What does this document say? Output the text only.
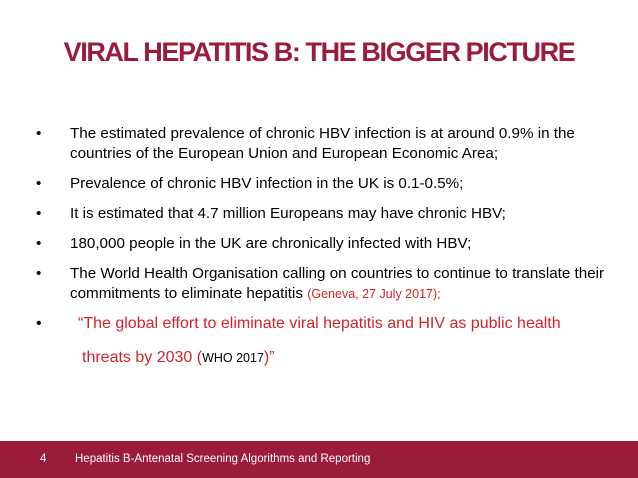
VIRAL HEPATITIS B: THE BIGGER PICTURE
• The estimated prevalence of chronic HBV infection is at around 0.9% in the countries of the European Union and European Economic Area;
• Prevalence of chronic HBV infection in the UK is 0.1-0.5%;
• It is estimated that 4.7 million Europeans may have chronic HBV;
• 180,000 people in the UK are chronically infected with HBV;
• The World Health Organisation calling on countries to continue to translate their commitments to eliminate hepatitis (Geneva, 27 July 2017);
•	“The global effort to eliminate viral hepatitis and HIV as public health
threats by 2030 (WHO 2017)”
4 Hepatitis B-Antenatal Screening Algorithms and Reporting
